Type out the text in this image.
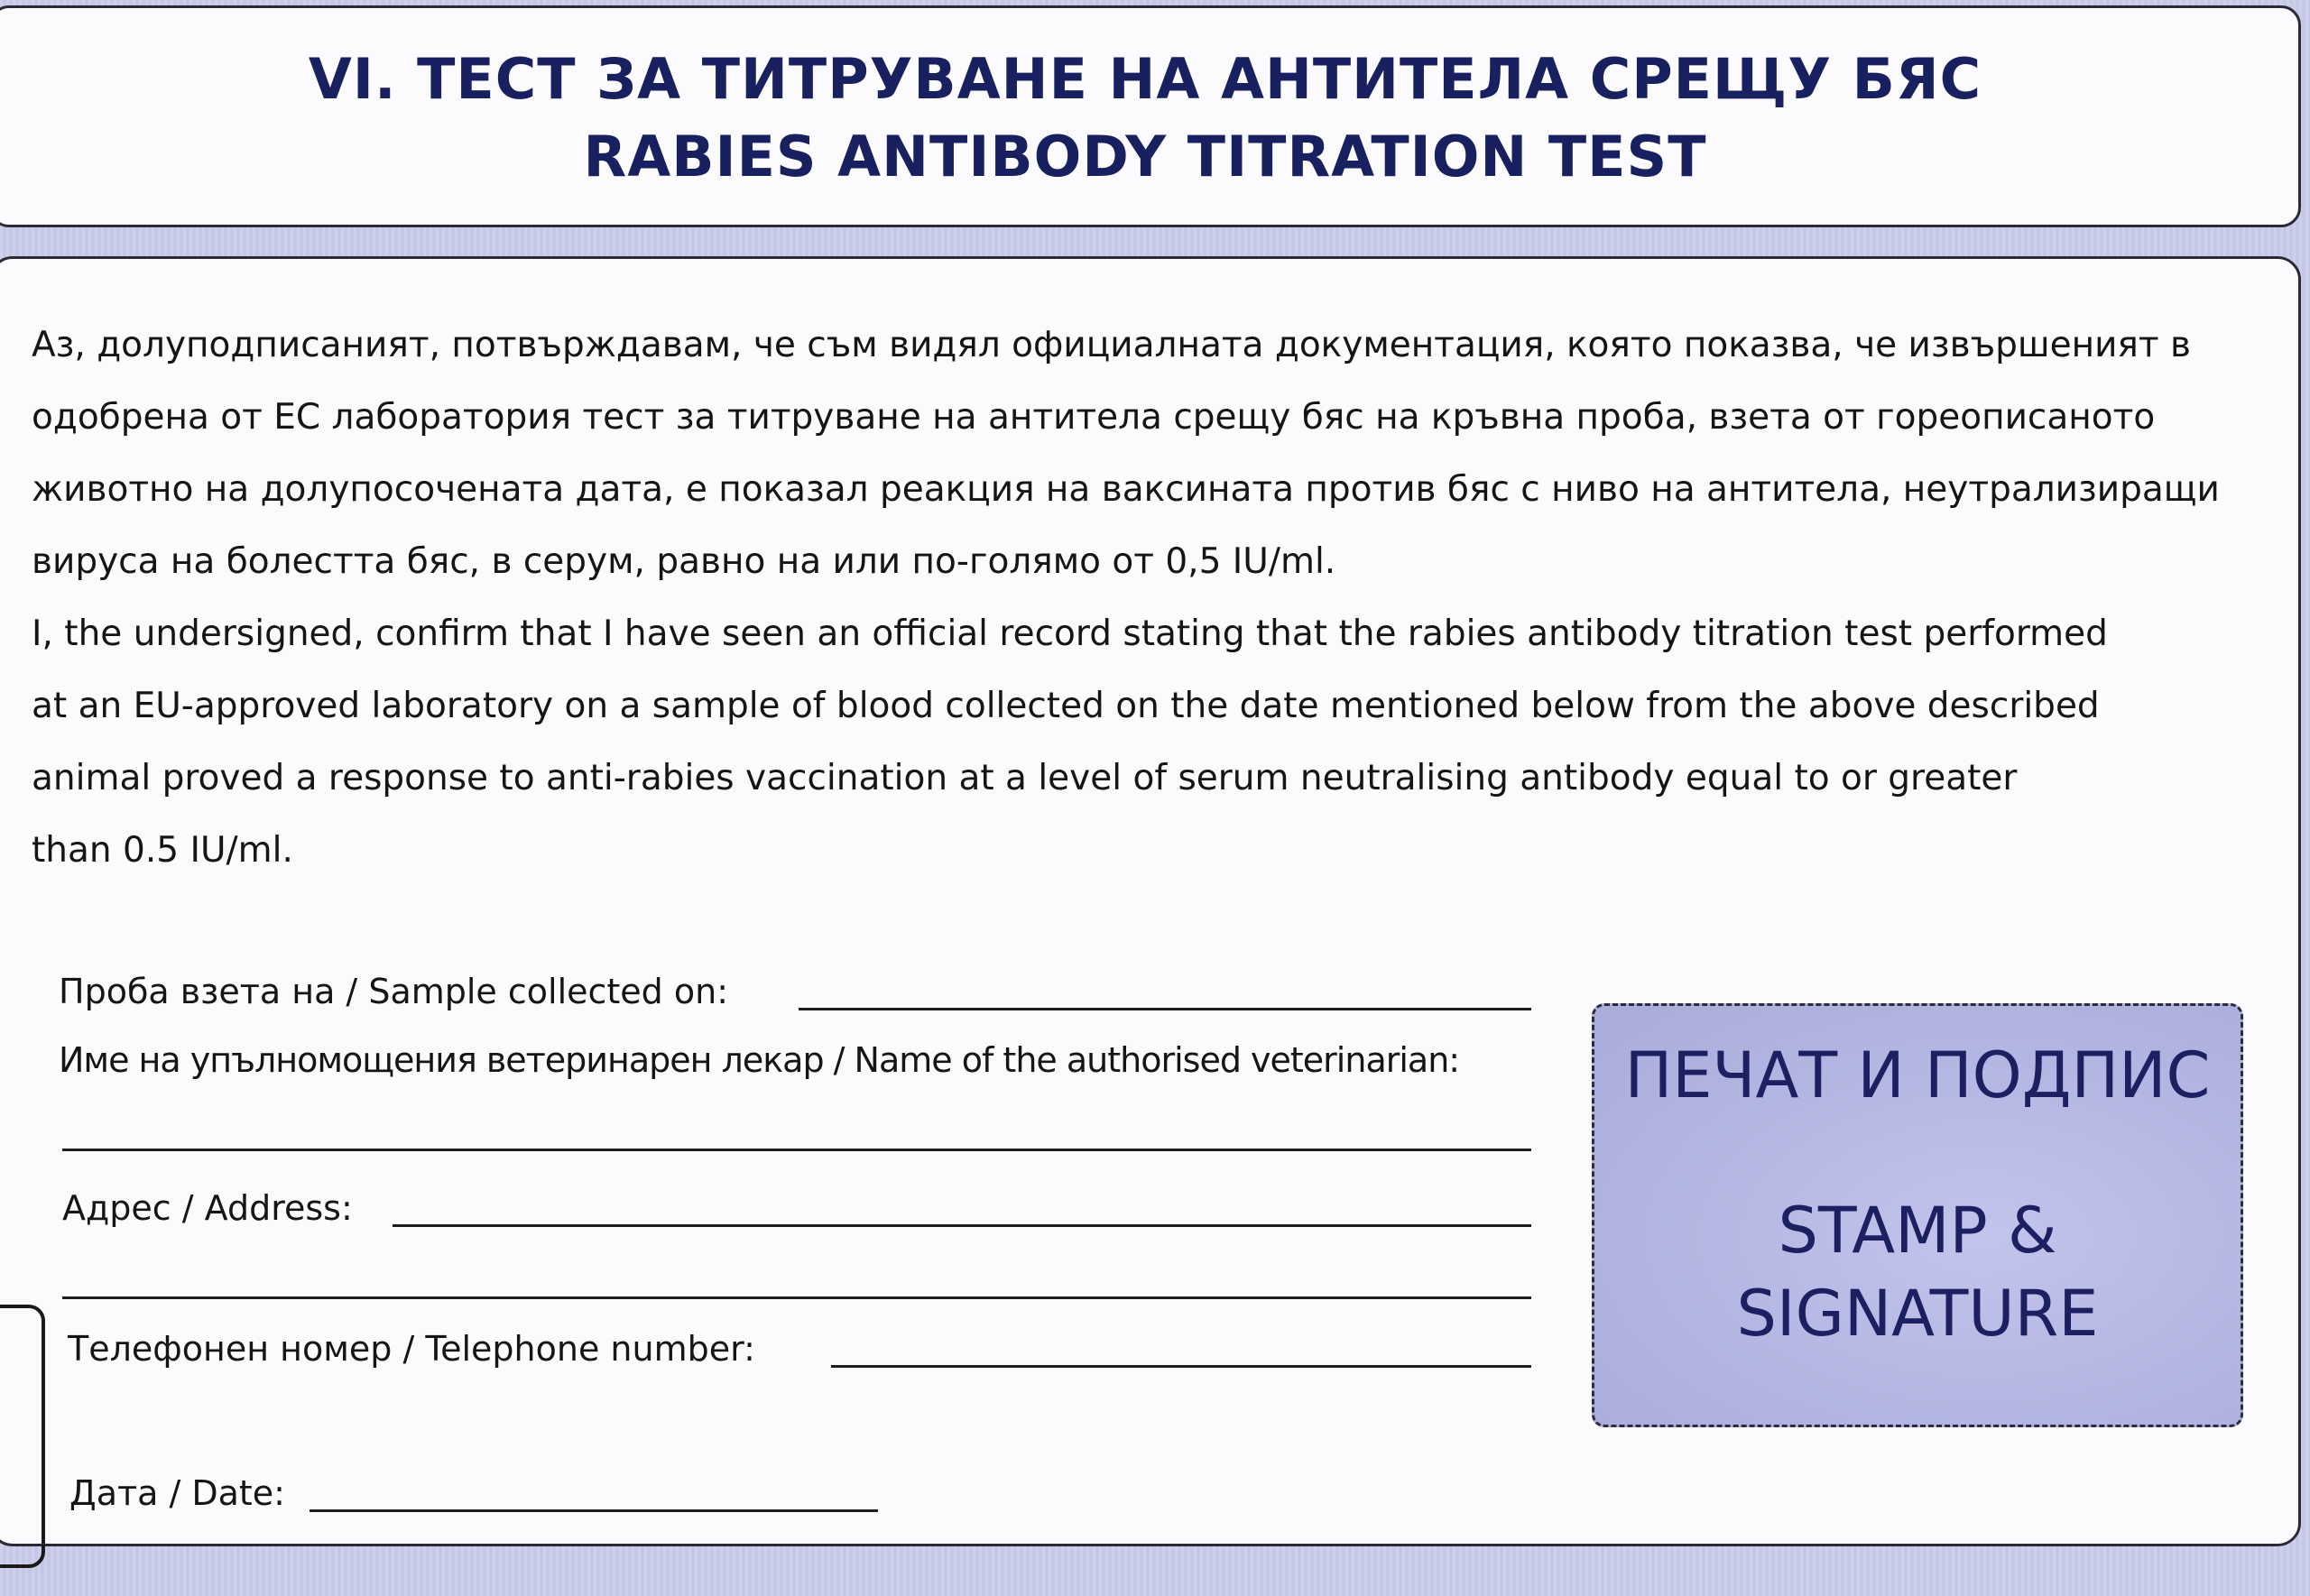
VI. ТЕСТ ЗА ТИТРУВАНЕ НА АНТИТЕЛА СРЕЩУ БЯС
RABIES ANTIBODY TITRATION TEST
Аз, долуподписаният, потвърждавам, че съм видял официалната документация, която показва, че извършеният в
одобрена от ЕС лаборатория тест за титруване на антитела срещу бяс на кръвна проба, взета от гореописаното
животно на долупосочената дата, е показал реакция на ваксината против бяс с ниво на антитела, неутрализиращи
вируса на болестта бяс, в серум, равно на или по-голямо от 0,5 IU/ml.
I, the undersigned, confirm that I have seen an official record stating that the rabies antibody titration test performed
at an EU-approved laboratory on a sample of blood collected on the date mentioned below from the above described
animal proved a response to anti-rabies vaccination at a level of serum neutralising antibody equal to or greater
than 0.5 IU/ml.
Проба взета на / Sample collected on:
Име на упълномощения ветеринарен лекар / Name of the authorised veterinarian:
Адрес / Address:
Телефонен номер / Telephone number:
Дата / Date:
ПЕЧАТ И ПОДПИС
STAMP &
SIGNATURE
